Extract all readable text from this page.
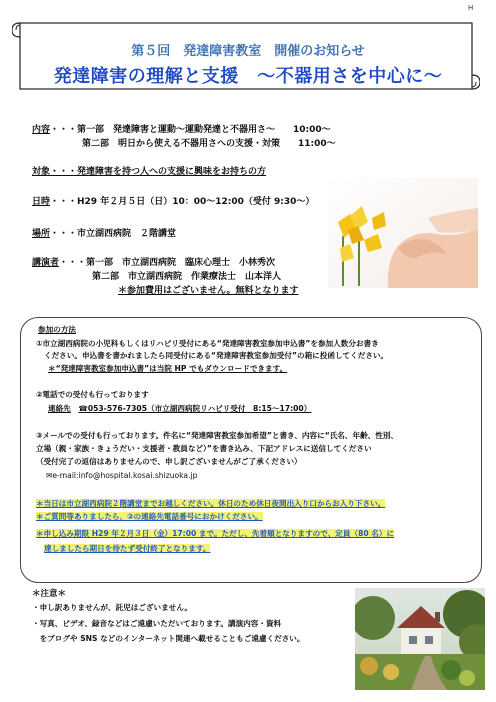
H
第５回　発達障害教室　開催のお知らせ
発達障害の理解と支援　～不器用さを中心に～
内容・・・第一部　発達障害と運動～運動発達と不器用さ～　　10:00～
第二部　明日から使える不器用さへの支援・対策　　11:00～
対象・・・発達障害を持つ人への支援に興味をお持ちの方
日時・・・H29 年２月５日（日）10：00～12:00（受付 9:30～）
場所・・・市立湖西病院　２階講堂
講演者・・・第一部　市立湖西病院　臨床心理士　小林秀次
第二部　市立湖西病院　作業療法士　山本洋人
＊参加費用はございません。無料となります
参加の方法
①市立湖西病院の小児科もしくはリハビリ受付にある“発達障害教室参加申込書”を参加人数分お書き
ください。申込書を書かれましたら同受付にある“発達障害教室参加受付”の箱に投函してください。
＊“発達障害教室参加申込書”は当院 HP でもダウンロードできます。
②電話での受付も行っております
連絡先　 ☎053-576-7305（市立湖西病院リハビリ受付　8:15～17:00）
③メールでの受付も行っております。件名に“発達障害教室参加希望”と書き、内容に“氏名、年齢、性別、
立場（親・家族・きょうだい・支援者・教員など）”を書き込み、下記アドレスに送信してください
（受付完了の返信はありませんので、申し訳ございませんがご了承ください）
✉e-mail:info@hospital.kosai.shizuoka.jp
＊当日は市立湖西病院２階講堂までお越しください。休日のため休日夜間出入り口からお入り下さい。
＊ご質問等ありましたら、②の連絡先電話番号におかけください。
＊申し込み期限 H29 年２月３日（金）17:00 まで。ただし、先着順となりますので、定員（80 名）に
達しましたら期日を待たず受付終了となります。
＊注意＊
・申し訳ありませんが、託児はございません。
・写真、ビデオ、録音などはご遠慮いただいております。講演内容・資料
　をブログや SNS などのインターネット関連へ載せることもご遠慮ください。
